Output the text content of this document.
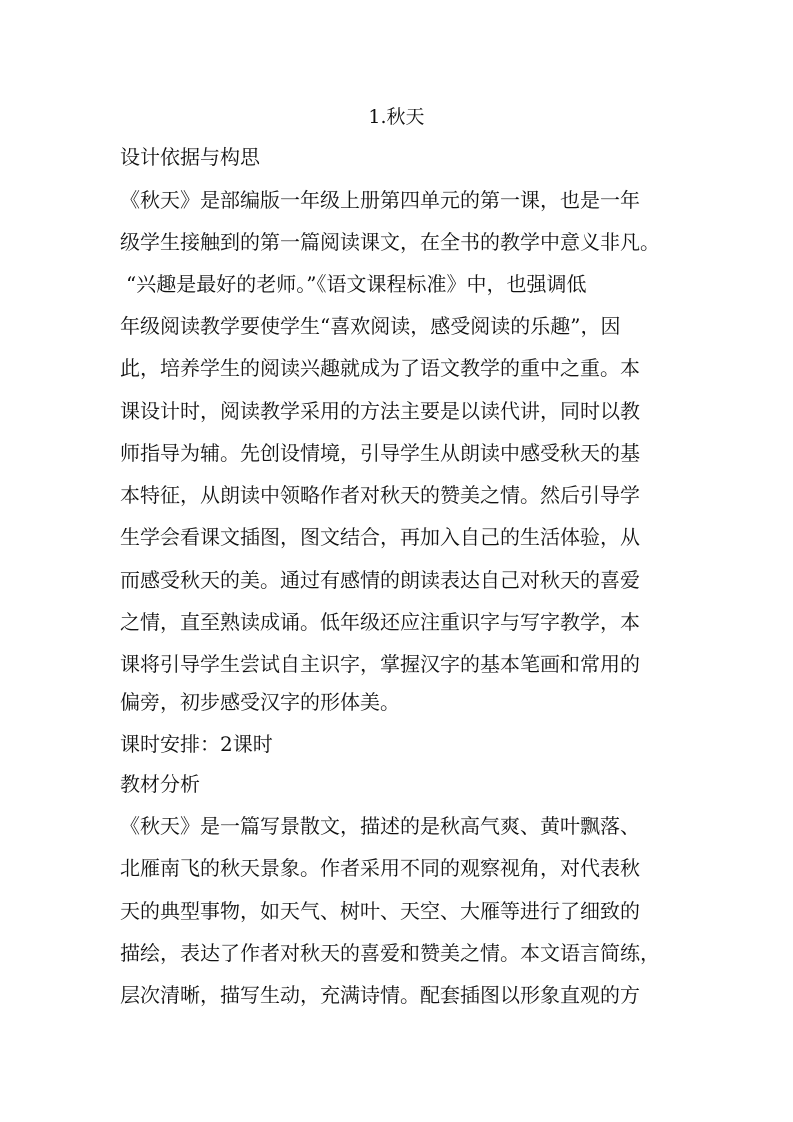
1.秋天
设计依据与构思
《秋天》是部编版一年级上册第四单元的第一课，也是一年
级学生接触到的第一篇阅读课文，在全书的教学中意义非凡。
“兴趣是最好的老师。”《语文课程标准》中，也强调低
年级阅读教学要使学生“喜欢阅读，感受阅读的乐趣”，因
此，培养学生的阅读兴趣就成为了语文教学的重中之重。本
课设计时，阅读教学采用的方法主要是以读代讲，同时以教
师指导为辅。先创设情境，引导学生从朗读中感受秋天的基
本特征，从朗读中领略作者对秋天的赞美之情。然后引导学
生学会看课文插图，图文结合，再加入自己的生活体验，从
而感受秋天的美。通过有感情的朗读表达自己对秋天的喜爱
之情，直至熟读成诵。低年级还应注重识字与写字教学，本
课将引导学生尝试自主识字，掌握汉字的基本笔画和常用的
偏旁，初步感受汉字的形体美。
课时安排：2课时
教材分析
《秋天》是一篇写景散文，描述的是秋高气爽、黄叶飘落、
北雁南飞的秋天景象。作者采用不同的观察视角，对代表秋
天的典型事物，如天气、树叶、天空、大雁等进行了细致的
描绘，表达了作者对秋天的喜爱和赞美之情。本文语言简练，
层次清晰，描写生动，充满诗情。配套插图以形象直观的方
